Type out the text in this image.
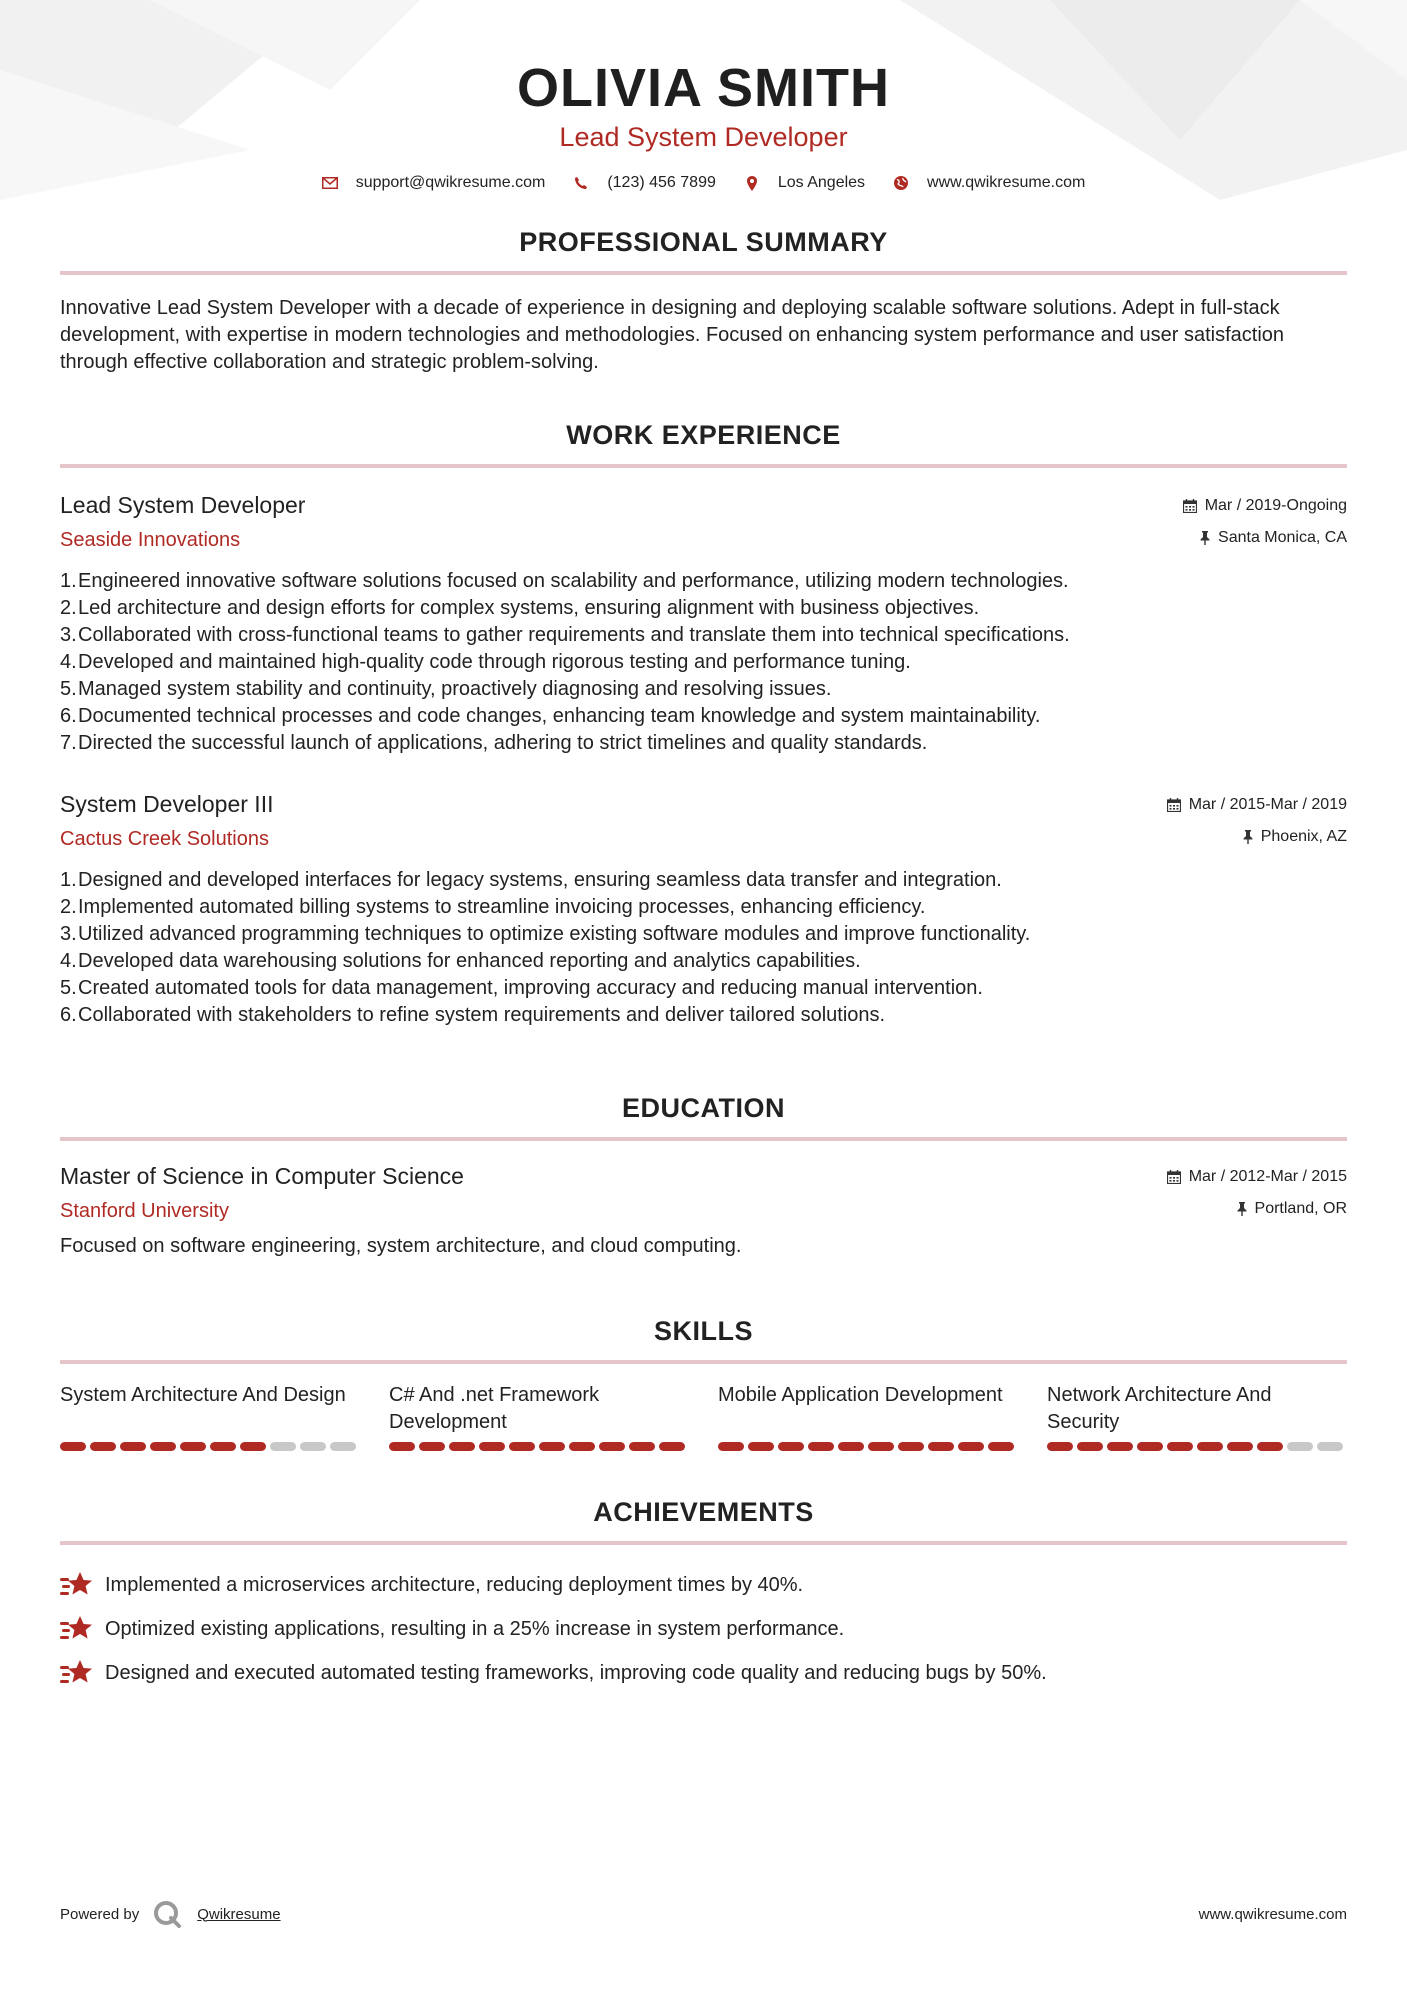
OLIVIA SMITH
Lead System Developer
support@qwikresume.com	(123) 456 7899	Los Angeles	www.qwikresume.com
PROFESSIONAL SUMMARY
Innovative Lead System Developer with a decade of experience in designing and deploying scalable software solutions. Adept in full-stack development, with expertise in modern technologies and methodologies. Focused on enhancing system performance and user satisfaction through effective collaboration and strategic problem-solving.
WORK EXPERIENCE
Lead System Developer
Seaside Innovations
Mar / 2019-Ongoing
Santa Monica, CA
1. Engineered innovative software solutions focused on scalability and performance, utilizing modern technologies.
2. Led architecture and design efforts for complex systems, ensuring alignment with business objectives.
3. Collaborated with cross-functional teams to gather requirements and translate them into technical specifications.
4. Developed and maintained high-quality code through rigorous testing and performance tuning.
5. Managed system stability and continuity, proactively diagnosing and resolving issues.
6. Documented technical processes and code changes, enhancing team knowledge and system maintainability.
7. Directed the successful launch of applications, adhering to strict timelines and quality standards.
System Developer III
Cactus Creek Solutions
Mar / 2015-Mar / 2019
Phoenix, AZ
1. Designed and developed interfaces for legacy systems, ensuring seamless data transfer and integration.
2. Implemented automated billing systems to streamline invoicing processes, enhancing efficiency.
3. Utilized advanced programming techniques to optimize existing software modules and improve functionality.
4. Developed data warehousing solutions for enhanced reporting and analytics capabilities.
5. Created automated tools for data management, improving accuracy and reducing manual intervention.
6. Collaborated with stakeholders to refine system requirements and deliver tailored solutions.
EDUCATION
Master of Science in Computer Science
Stanford University
Mar / 2012-Mar / 2015
Portland, OR
Focused on software engineering, system architecture, and cloud computing.
SKILLS
System Architecture And Design	C# And .net Framework Development
Mobile Application Development	Network Architecture And Security
ACHIEVEMENTS
Implemented a microservices architecture, reducing deployment times by 40%.
Optimized existing applications, resulting in a 25% increase in system performance.
Designed and executed automated testing frameworks, improving code quality and reducing bugs by 50%.
Powered by	Qwikresume	www.qwikresume.com
